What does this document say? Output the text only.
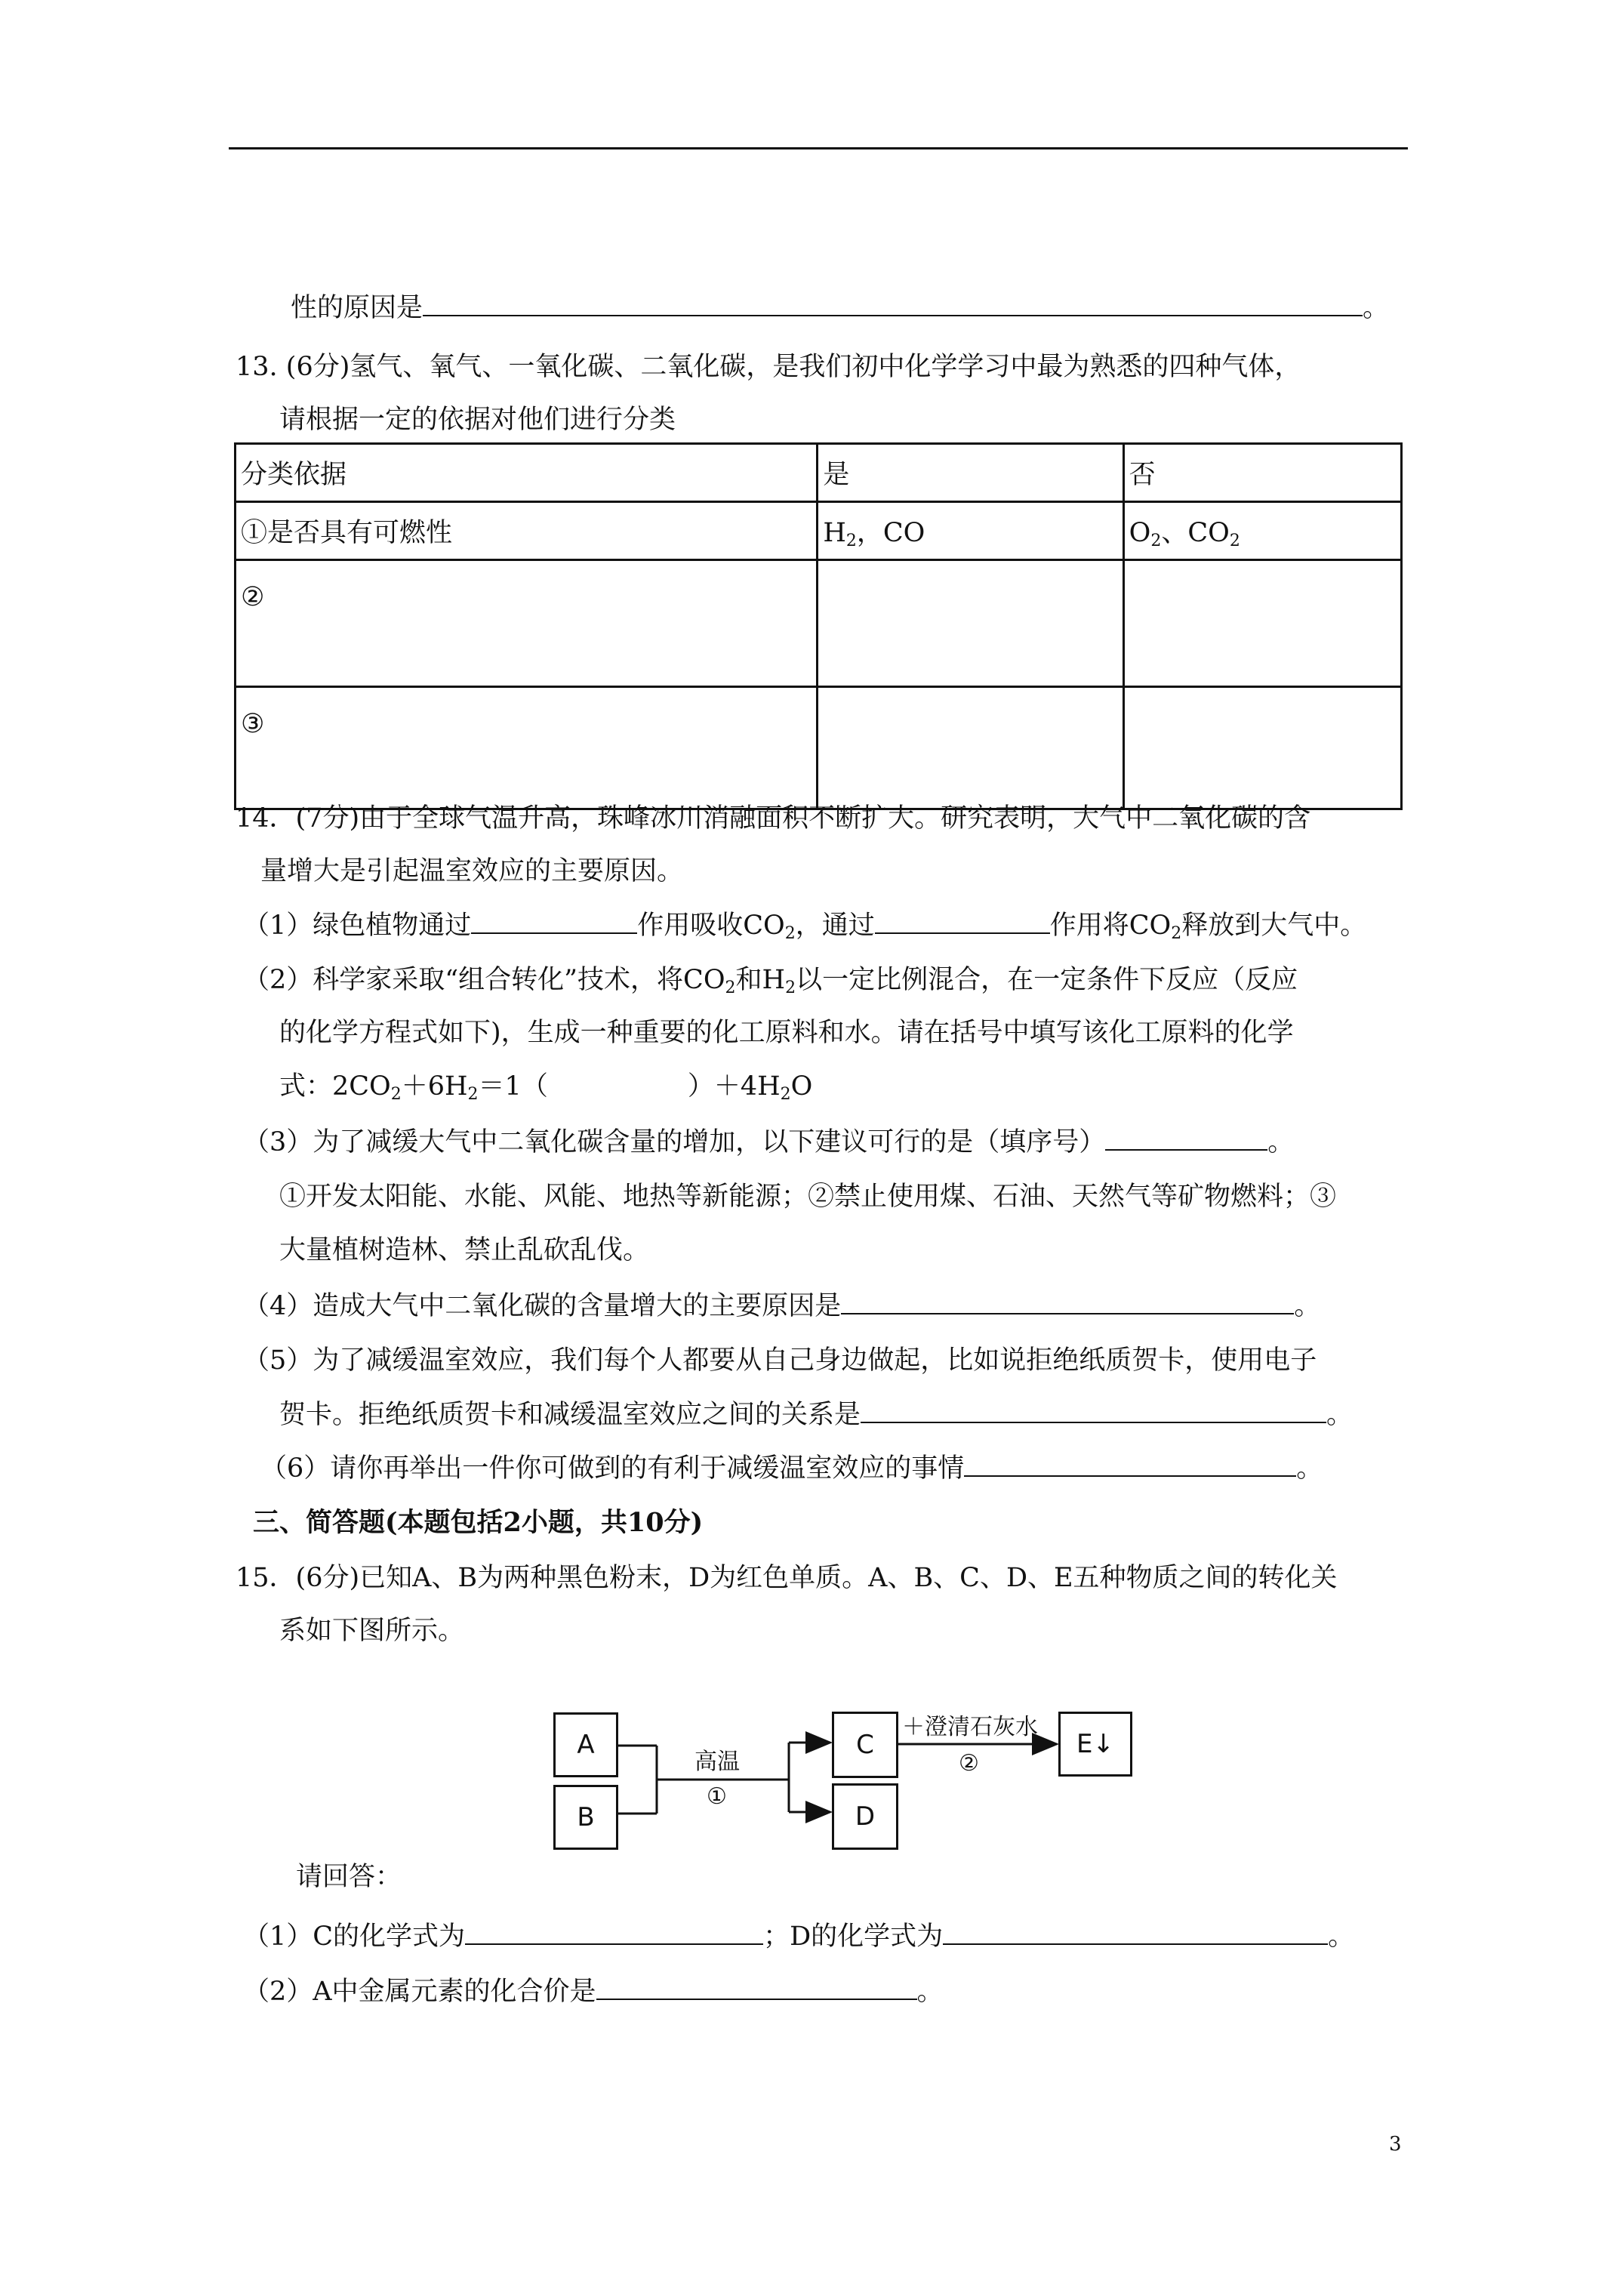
性的原因是	。
13. (6分)氢气、氧气、一氧化碳、二氧化碳，是我们初中化学学习中最为熟悉的四种气体，
请根据一定的依据对他们进行分类
分类依据	是	否
①是否具有可燃性	$H_2$，CO	$O_2$、$CO_2$
②		
③		
14．(7分)由于全球气温升高，珠峰冰川消融面积不断扩大。研究表明，大气中二氧化碳的含
量增大是引起温室效应的主要原因。
（1）绿色植物通过	作用吸收$CO_2$，通过	作用将$CO_2$释放到大气中。
（2）科学家采取“组合转化”技术，将$CO_2$和$H_2$以一定比例混合，在一定条件下反应（反应
的化学方程式如下)，生成一种重要的化工原料和水。请在括号中填写该化工原料的化学
式：$2CO_2+6H_2=1$（	）$+4H_2O$
（3）为了减缓大气中二氧化碳含量的增加，以下建议可行的是（填序号）	。
①开发太阳能、水能、风能、地热等新能源；②禁止使用煤、石油、天然气等矿物燃料；③
大量植树造林、禁止乱砍乱伐。
（4）造成大气中二氧化碳的含量增大的主要原因是	。
（5）为了减缓温室效应，我们每个人都要从自己身边做起，比如说拒绝纸质贺卡，使用电子
贺卡。拒绝纸质贺卡和减缓温室效应之间的关系是	。
（6）请你再举出一件你可做到的有利于减缓温室效应的事情	。
三、简答题(本题包括2小题，共10分)
15．(6分)已知A、B为两种黑色粉末，D为红色单质。A、B、C、D、E五种物质之间的转化关
系如下图所示。
A
B
C
D
E↓
高温
①
＋澄清石灰水
②
请回答：
（1）C的化学式为	；D的化学式为	。
（2）A中金属元素的化合价是	。
3
